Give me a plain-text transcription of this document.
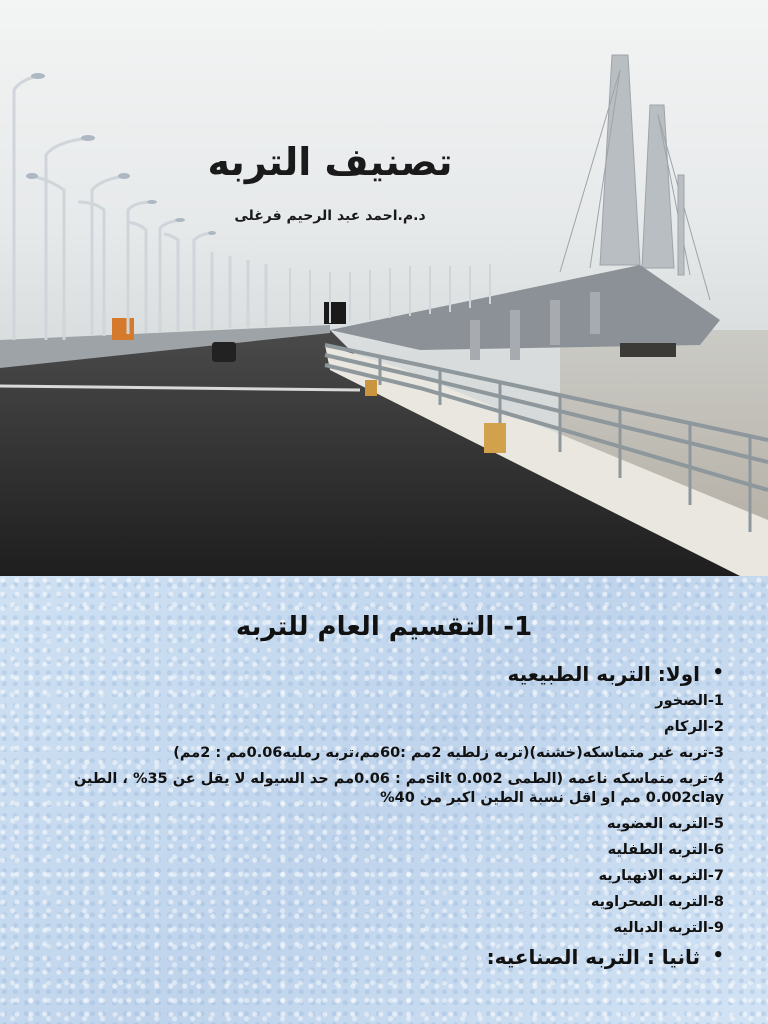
تصنيف التربه
د.م.احمد عبد الرحيم فرغلى
1- التقسيم العام للتربه
• اولا: التربه الطبيعيه
1-الصخور
2-الركام
3-تربه غير متماسكه(خشنه)(تربه زلطيه 2مم :60مم،تربه رمليه0.06مم : 2مم)
4-تربه متماسكه ناعمه (الطمى silt 0.002مم : 0.06مم حد السيوله لا يقل عن 35% ، الطين 0.002clay مم او اقل نسبة الطين اكبر من 40%
5-التربه العضويه
6-التربه الطفليه
7-التربه الانهياريه
8-التربه الصحراويه
9-التربه الدباليه
• ثانيا : التربه الصناعيه:
